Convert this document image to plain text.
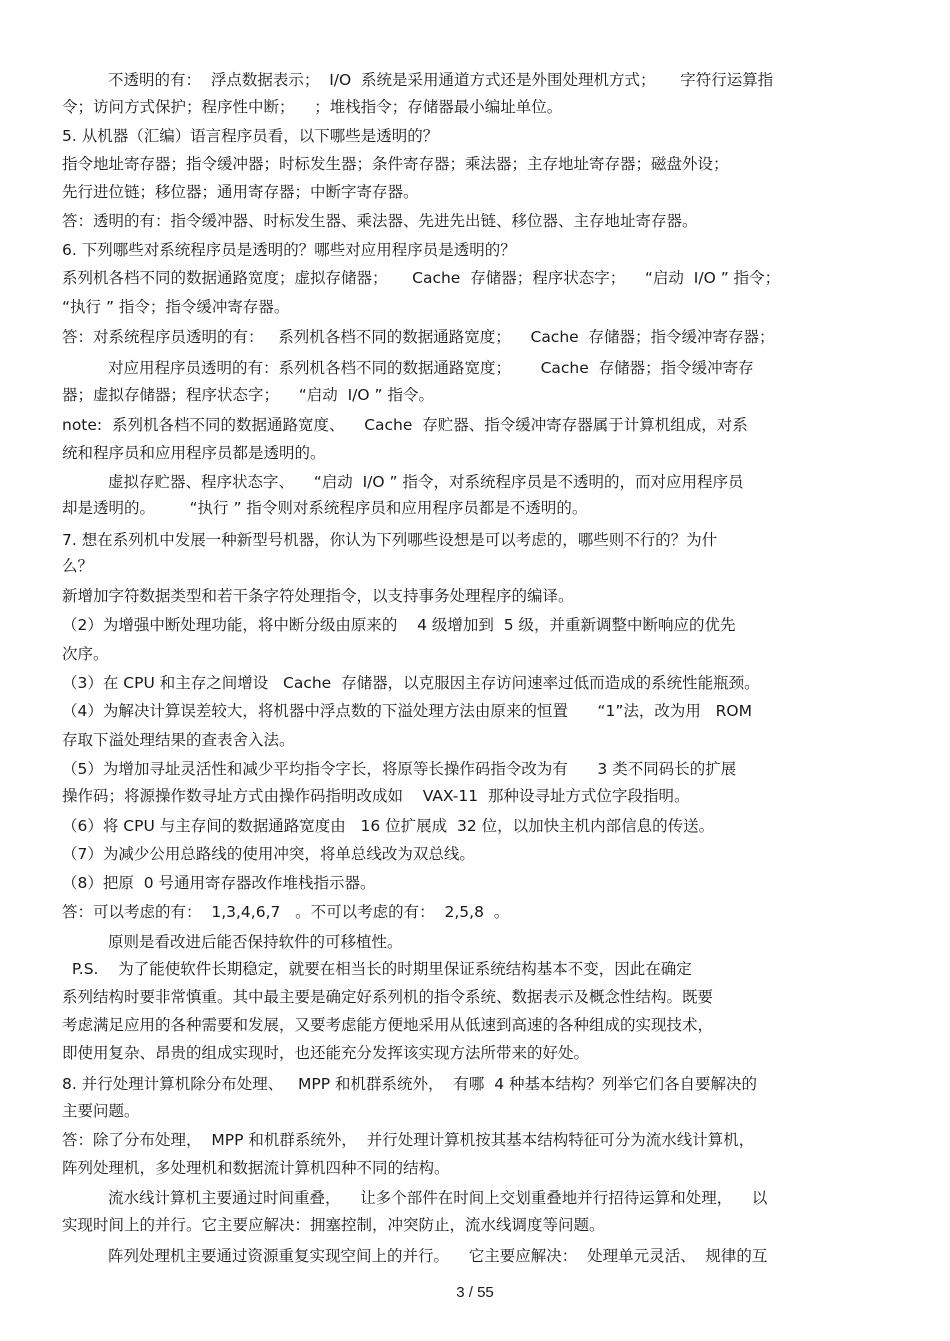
不透明的有：  浮点数据表示；  I/O  系统是采用通道方式还是外围处理机方式；     字符行运算指
令；访问方式保护；程序性中断；    ；堆栈指令；存储器最小编址单位。
5. 从机器（汇编）语言程序员看，以下哪些是透明的？
指令地址寄存器；指令缓冲器；时标发生器；条件寄存器；乘法器；主存地址寄存器；磁盘外设；
先行进位链；移位器；通用寄存器；中断字寄存器。
答：透明的有：指令缓冲器、时标发生器、乘法器、先进先出链、移位器、主存地址寄存器。
6. 下列哪些对系统程序员是透明的？哪些对应用程序员是透明的？
系列机各档不同的数据通路宽度；虚拟存储器；     Cache  存储器；程序状态字；    “启动  I/O ” 指令；
“执行 ” 指令；指令缓冲寄存器。
答：对系统程序员透明的有：   系列机各档不同的数据通路宽度；    Cache  存储器；指令缓冲寄存器；
对应用程序员透明的有：系列机各档不同的数据通路宽度；      Cache  存储器；指令缓冲寄存
器；虚拟存储器；程序状态字；    “启动  I/O ” 指令。
note:  系列机各档不同的数据通路宽度、    Cache  存贮器、指令缓冲寄存器属于计算机组成，对系
统和程序员和应用程序员都是透明的。
虚拟存贮器、程序状态字、    “启动  I/O ” 指令，对系统程序员是不透明的，而对应用程序员
却是透明的。       “执行 ” 指令则对系统程序员和应用程序员都是不透明的。
7. 想在系列机中发展一种新型号机器，你认为下列哪些设想是可以考虑的，哪些则不行的？为什
么？
新增加字符数据类型和若干条字符处理指令，以支持事务处理程序的编译。
（2）为增强中断处理功能，将中断分级由原来的    4 级增加到  5 级，并重新调整中断响应的优先
次序。
（3）在 CPU 和主存之间增设   Cache  存储器，以克服因主存访问速率过低而造成的系统性能瓶颈。
（4）为解决计算误差较大，将机器中浮点数的下溢处理方法由原来的恒置      “1”法，改为用   ROM
存取下溢处理结果的查表舍入法。
（5）为增加寻址灵活性和减少平均指令字长，将原等长操作码指令改为有      3 类不同码长的扩展
操作码；将源操作数寻址方式由操作码指明改成如    VAX-11  那种设寻址方式位字段指明。
（6）将 CPU 与主存间的数据通路宽度由   16 位扩展成  32 位，以加快主机内部信息的传送。
（7）为减少公用总路线的使用冲突，将单总线改为双总线。
（8）把原  0 号通用寄存器改作堆栈指示器。
答：可以考虑的有：  1,3,4,6,7   。不可以考虑的有：  2,5,8  。
原则是看改进后能否保持软件的可移植性。
P.S.    为了能使软件长期稳定，就要在相当长的时期里保证系统结构基本不变，因此在确定
系列结构时要非常慎重。其中最主要是确定好系列机的指令系统、数据表示及概念性结构。既要
考虑满足应用的各种需要和发展，又要考虑能方便地采用从低速到高速的各种组成的实现技术，
即使用复杂、昂贵的组成实现时，也还能充分发挥该实现方法所带来的好处。
8. 并行处理计算机除分布处理、   MPP 和机群系统外，  有哪  4 种基本结构？列举它们各自要解决的
主要问题。
答：除了分布处理，  MPP 和机群系统外，  并行处理计算机按其基本结构特征可分为流水线计算机，
阵列处理机，多处理机和数据流计算机四种不同的结构。
流水线计算机主要通过时间重叠，    让多个部件在时间上交划重叠地并行招待运算和处理，    以
实现时间上的并行。它主要应解决：拥塞控制，冲突防止，流水线调度等问题。
阵列处理机主要通过资源重复实现空间上的并行。    它主要应解决：  处理单元灵活、  规律的互
3 / 55
